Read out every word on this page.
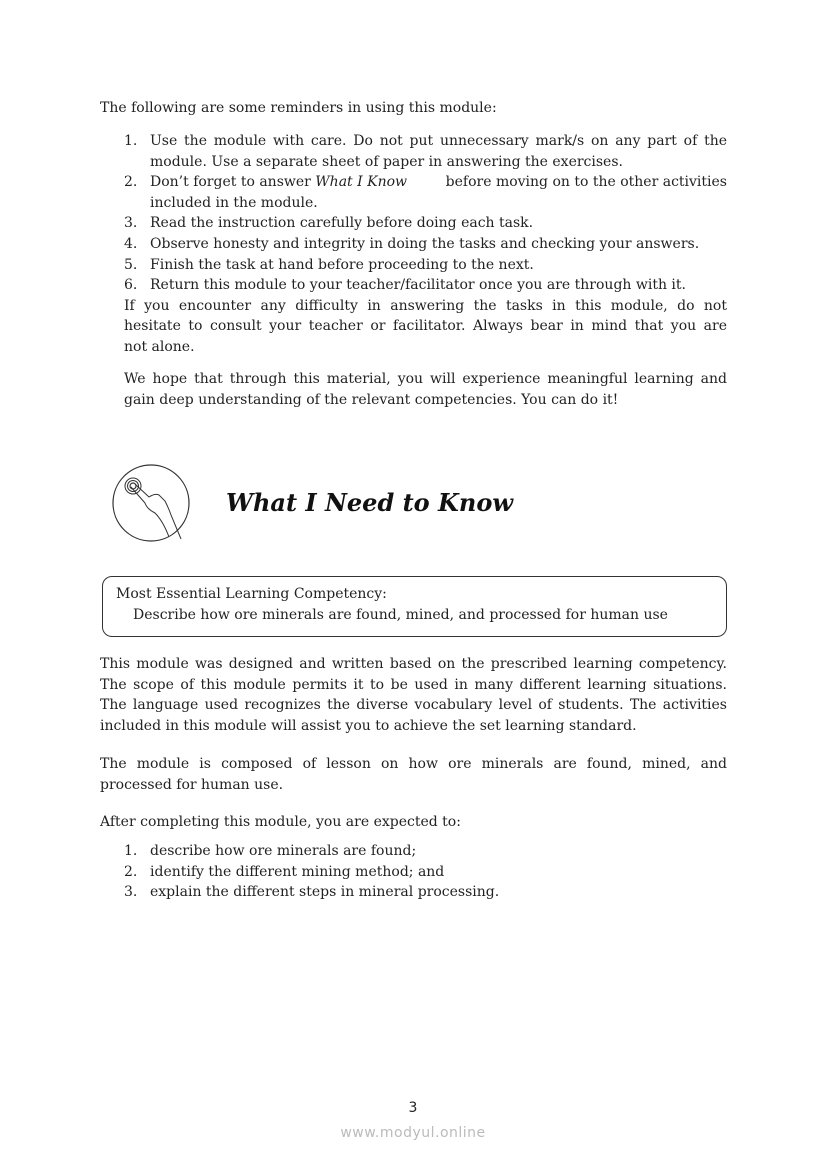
The following are some reminders in using this module:
1. Use the module with care. Do not put unnecessary mark/s on any part of the
module. Use a separate sheet of paper in answering the exercises.
2. Don’t forget to answer What I Know	before moving on to the other activities
included in the module.
3. Read the instruction carefully before doing each task.
4. Observe honesty and integrity in doing the tasks and checking your answers.
5. Finish the task at hand before proceeding to the next.
6. Return this module to your teacher/facilitator once you are through with it.
If you encounter any difficulty in answering the tasks in this module, do not
hesitate to consult your teacher or facilitator. Always bear in mind that you are
not alone.
We hope that through this material, you will experience meaningful learning and
gain deep understanding of the relevant competencies. You can do it!
What I Need to Know
Most Essential Learning Competency:
Describe how ore minerals are found, mined, and processed for human use
This module was designed and written based on the prescribed learning competency.
The scope of this module permits it to be used in many different learning situations.
The language used recognizes the diverse vocabulary level of students. The activities
included in this module will assist you to achieve the set learning standard.
The module is composed of lesson on how ore minerals are found, mined, and
processed for human use.
After completing this module, you are expected to:
1. describe how ore minerals are found;
2. identify the different mining method; and
3. explain the different steps in mineral processing.
3
www.modyul.online
